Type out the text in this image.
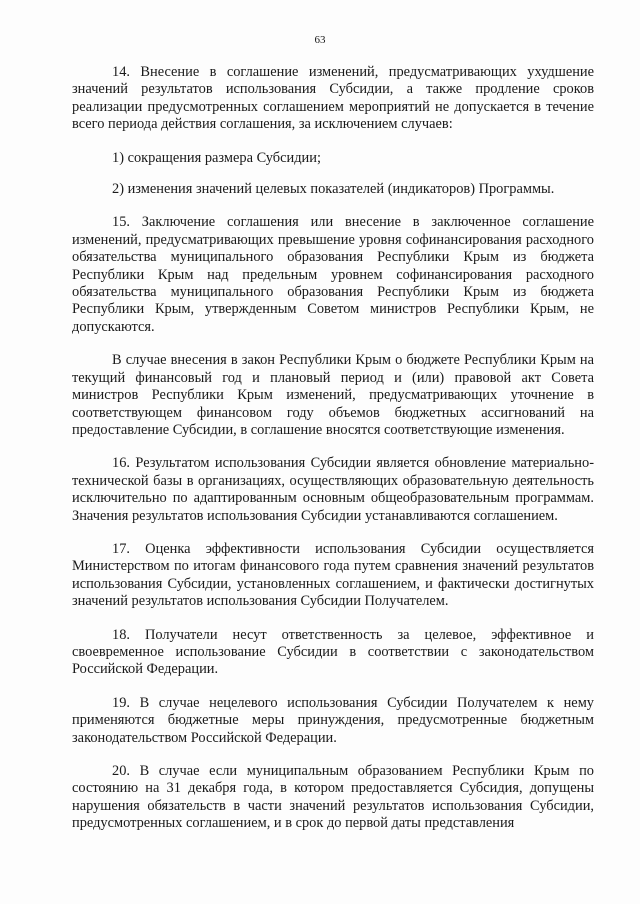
63

14. Внесение в соглашение изменений, предусматривающих ухудшение значений результатов использования Субсидии, а также продление сроков реализации предусмотренных соглашением мероприятий не допускается в течение всего периода действия соглашения, за исключением случаев:

1) сокращения размера Субсидии;

2) изменения значений целевых показателей (индикаторов) Программы.

15. Заключение соглашения или внесение в заключенное соглашение изменений, предусматривающих превышение уровня софинансирования расходного обязательства муниципального образования Республики Крым из бюджета Республики Крым над предельным уровнем софинансирования расходного обязательства муниципального образования Республики Крым из бюджета Республики Крым, утвержденным Советом министров Республики Крым, не допускаются.

В случае внесения в закон Республики Крым о бюджете Республики Крым на текущий финансовый год и плановый период и (или) правовой акт Совета министров Республики Крым изменений, предусматривающих уточнение в соответствующем финансовом году объемов бюджетных ассигнований на предоставление Субсидии, в соглашение вносятся соответствующие изменения.

16. Результатом использования Субсидии является обновление материально-технической базы в организациях, осуществляющих образовательную деятельность исключительно по адаптированным основным общеобразовательным программам. Значения результатов использования Субсидии устанавливаются соглашением.

17. Оценка эффективности использования Субсидии осуществляется Министерством по итогам финансового года путем сравнения значений результатов использования Субсидии, установленных соглашением, и фактически достигнутых значений результатов использования Субсидии Получателем.

18. Получатели несут ответственность за целевое, эффективное и своевременное использование Субсидии в соответствии с законодательством Российской Федерации.

19. В случае нецелевого использования Субсидии Получателем к нему применяются бюджетные меры принуждения, предусмотренные бюджетным законодательством Российской Федерации.

20. В случае если муниципальным образованием Республики Крым по состоянию на 31 декабря года, в котором предоставляется Субсидия, допущены нарушения обязательств в части значений результатов использования Субсидии, предусмотренных соглашением, и в срок до первой даты представления
